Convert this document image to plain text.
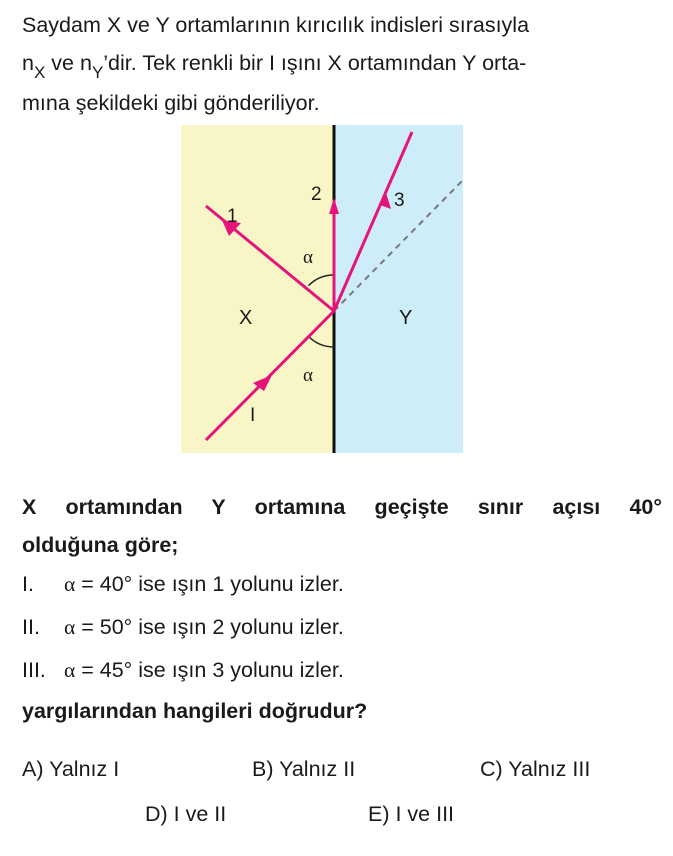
Saydam X ve Y ortamlarının kırıcılık indisleri sırasıyla
$n_X$ ve $n_Y’dir$. Tek renkli bir I ışını X ortamından Y orta-
mına şekildeki gibi gönderiliyor.
1
2	3
I
X	Y
α
α
X ortamından Y ortamına geçişte sınır açısı 40°
olduğuna göre;
I. α = 40° ise ışın 1 yolunu izler.
II. α = 50° ise ışın 2 yolunu izler.
III. α = 45° ise ışın 3 yolunu izler.
yargılarından hangileri doğrudur?
A) Yalnız I	B) Yalnız II	C) Yalnız III
D) I ve II	E) I ve III
